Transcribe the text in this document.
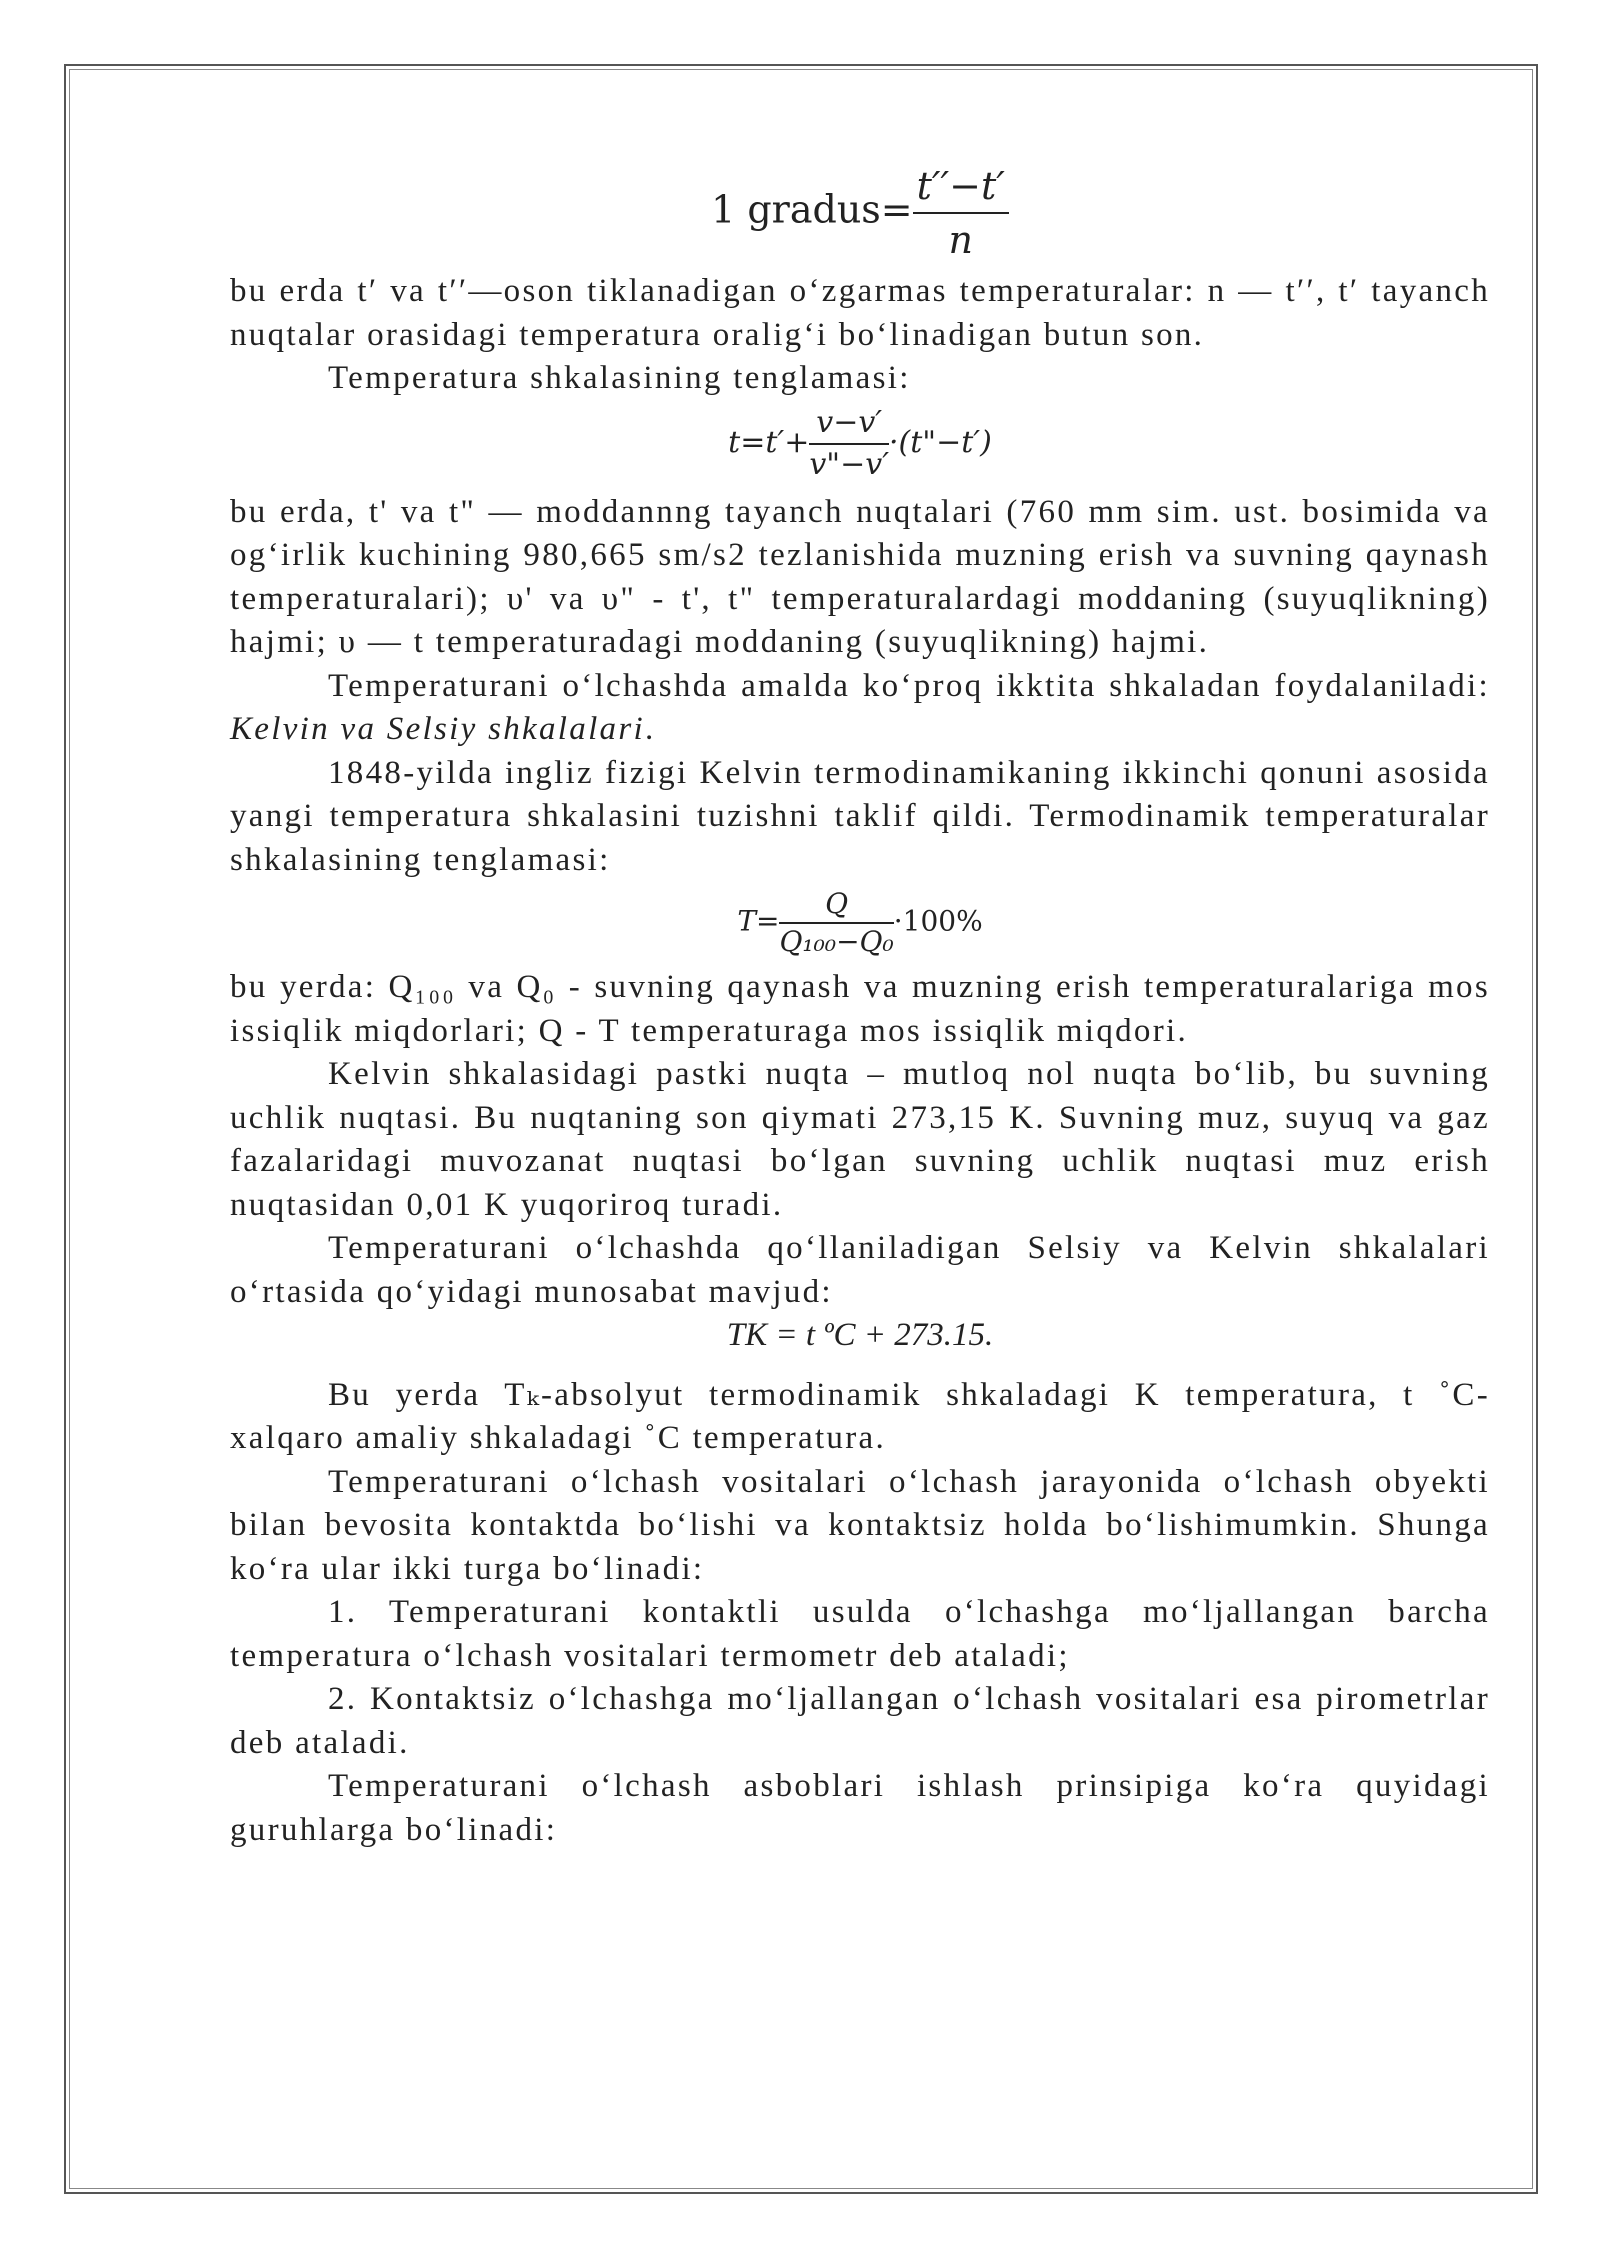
1 gradus= $\frac{t''-t'}{n}$

bu erda t′ va t′′—oson tiklanadigan o‘zgarmas temperaturalar: n — t′′, t′ tayanch nuqtalar orasidagi temperatura oralig‘i bo‘linadigan butun son.

Temperatura shkalasining tenglamasi:

$t=t'+ \frac{v-v'}{v"-v'}$ ·(t"−t′)

bu erda, t' va t" — moddannng tayanch nuqtalari (760 mm sim. ust. bosimida va og‘irlik kuchining 980,665 sm/s2 tezlanishida muzning erish va suvning qaynash temperaturalari); υ' va υ" - t', t" temperaturalardagi moddaning (suyuqlikning) hajmi; υ — t temperaturadagi moddaning (suyuqlikning) hajmi.

Temperaturani o‘lchashda amalda ko‘proq ikktita shkaladan foydalaniladi: Kelvin va Selsiy shkalalari.

1848-yilda ingliz fizigi Kelvin termodinamikaning ikkinchi qonuni asosida yangi temperatura shkalasini tuzishni taklif qildi. Termodinamik temperaturalar shkalasining tenglamasi:

$T= \frac{Q}{\text{Q₁₀₀−Q₀}} \cdot 100\%$

bu yerda: Q₁₀₀ va Q₀ - suvning qaynash va muzning erish temperaturalariga mos issiqlik miqdorlari; Q - T temperaturaga mos issiqlik miqdori.

Kelvin shkalasidagi pastki nuqta – mutloq nol nuqta bo‘lib, bu suvning uchlik nuqtasi. Bu nuqtaning son qiymati 273,15 K. Suvning muz, suyuq va gaz fazalaridagi muvozanat nuqtasi bo‘lgan suvning uchlik nuqtasi muz erish nuqtasidan 0,01 K yuqoriroq turadi.

Temperaturani o‘lchashda qo‘llaniladigan Selsiy va Kelvin shkalalari o‘rtasida qo‘yidagi munosabat mavjud:

TK = t ºC + 273.15.

Bu yerda Tₖ-absolyut termodinamik shkaladagi K temperatura, t ˚C-xalqaro amaliy shkaladagi ˚C temperatura.

Temperaturani o‘lchash vositalari o‘lchash jarayonida o‘lchash obyekti bilan bevosita kontaktda bo‘lishi va kontaktsiz holda bo‘lishimumkin. Shunga ko‘ra ular ikki turga bo‘linadi:

1. Temperaturani kontaktli usulda o‘lchashga mo‘ljallangan barcha temperatura o‘lchash vositalari termometr deb ataladi;

2. Kontaktsiz o‘lchashga mo‘ljallangan o‘lchash vositalari esa pirometrlar deb ataladi.

Temperaturani o‘lchash asboblari ishlash prinsipiga ko‘ra quyidagi guruhlarga bo‘linadi:
